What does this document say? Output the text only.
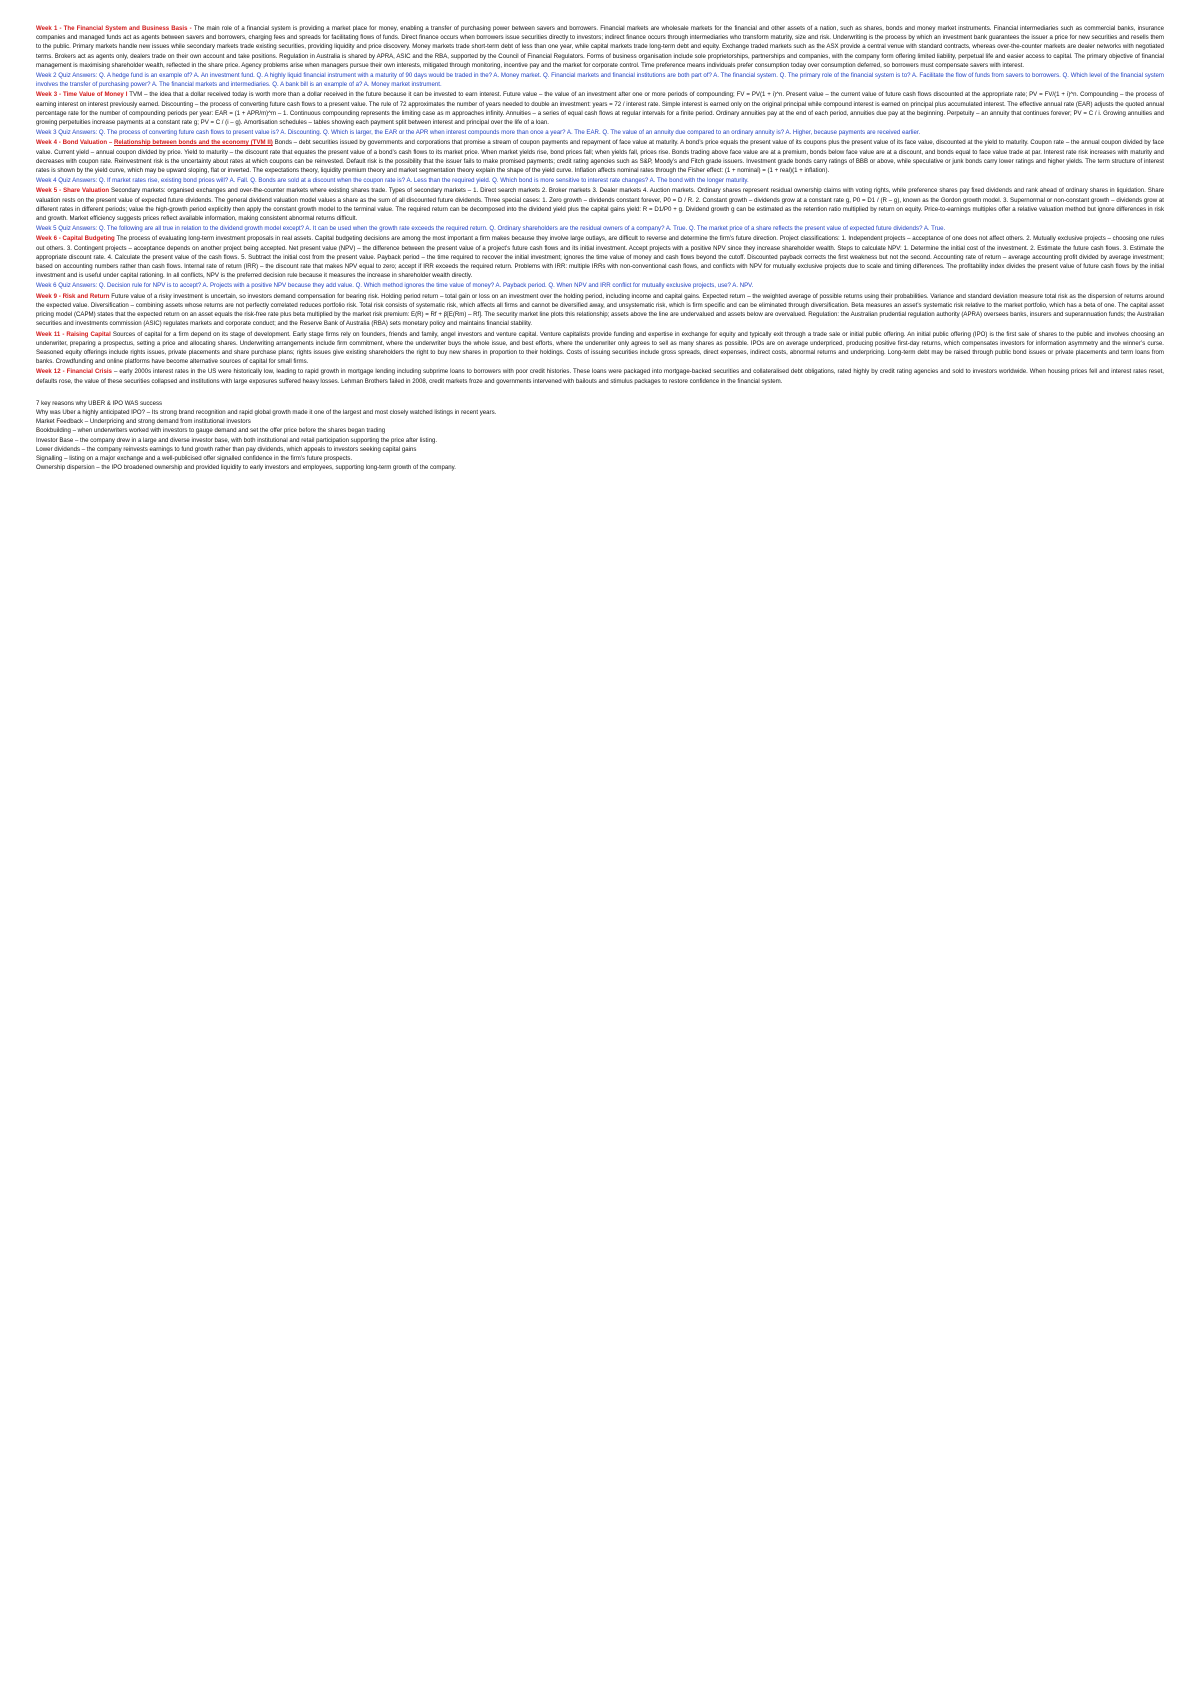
Week 1 - The Financial System and Business Basis - The main role of a financial system is providing a market place for money, enabling a transfer of purchasing power between savers and borrowers. Financial markets are wholesale markets for the financial and other assets of a nation, such as shares, bonds and money market instruments. Financial intermediaries such as commercial banks, insurance companies and managed funds act as agents between savers and borrowers, charging fees and spreads for facilitating flows of funds. Direct finance occurs when borrowers issue securities directly to investors; indirect finance occurs through intermediaries who transform maturity, size and risk. Underwriting is the process by which an investment bank guarantees the issuer a price for new securities and resells them to the public. Primary markets handle new issues while secondary markets trade existing securities, providing liquidity and price discovery. Money markets trade short-term debt of less than one year, while capital markets trade long-term debt and equity. Exchange traded markets such as the ASX provide a central venue with standard contracts, whereas over-the-counter markets are dealer networks with negotiated terms. Brokers act as agents only, dealers trade on their own account and take positions. Regulation in Australia is shared by APRA, ASIC and the RBA, supported by the Council of Financial Regulators. Forms of business organisation include sole proprietorships, partnerships and companies, with the company form offering limited liability, perpetual life and easier access to capital. The primary objective of financial management is maximising shareholder wealth, reflected in the share price. Agency problems arise when managers pursue their own interests, mitigated through monitoring, incentive pay and the market for corporate control. Time preference means individuals prefer consumption today over consumption deferred, so borrowers must compensate savers with interest.

Week 2 Quiz Answers: Q. A hedge fund is an example of? A. An investment fund. Q. A highly liquid financial instrument with a maturity of 90 days would be traded in the? A. Money market. Q. Financial markets and financial institutions are both part of? A. The financial system. Q. The primary role of the financial system is to? A. Facilitate the flow of funds from savers to borrowers. Q. Which level of the financial system involves the transfer of purchasing power? A. The financial markets and intermediaries. Q. A bank bill is an example of a? A. Money market instrument.

Week 3 - Time Value of Money I TVM – the idea that a dollar received today is worth more than a dollar received in the future because it can be invested to earn interest. Future value – the value of an investment after one or more periods of compounding; FV = PV(1 + i)^n. Present value – the current value of future cash flows discounted at the appropriate rate; PV = FV/(1 + i)^n. Compounding – the process of earning interest on interest previously earned. Discounting – the process of converting future cash flows to a present value. The rule of 72 approximates the number of years needed to double an investment: years = 72 / interest rate. Simple interest is earned only on the original principal while compound interest is earned on principal plus accumulated interest. The effective annual rate (EAR) adjusts the quoted annual percentage rate for the number of compounding periods per year: EAR = (1 + APR/m)^m – 1. Continuous compounding represents the limiting case as m approaches infinity. Annuities – a series of equal cash flows at regular intervals for a finite period. Ordinary annuities pay at the end of each period, annuities due pay at the beginning. Perpetuity – an annuity that continues forever; PV = C / i. Growing annuities and growing perpetuities increase payments at a constant rate g; PV = C / (i – g). Amortisation schedules – tables showing each payment split between interest and principal over the life of a loan.

Week 3 Quiz Answers: Q. The process of converting future cash flows to present value is? A. Discounting. Q. Which is larger, the EAR or the APR when interest compounds more than once a year? A. The EAR. Q. The value of an annuity due compared to an ordinary annuity is? A. Higher, because payments are received earlier.

Week 4 - Bond Valuation – Relationship between bonds and the economy (TVM II) Bonds – debt securities issued by governments and corporations that promise a stream of coupon payments and repayment of face value at maturity. A bond’s price equals the present value of its coupons plus the present value of its face value, discounted at the yield to maturity. Coupon rate – the annual coupon divided by face value. Current yield – annual coupon divided by price. Yield to maturity – the discount rate that equates the present value of a bond’s cash flows to its market price. When market yields rise, bond prices fall; when yields fall, prices rise. Bonds trading above face value are at a premium, bonds below face value are at a discount, and bonds equal to face value trade at par. Interest rate risk increases with maturity and decreases with coupon rate. Reinvestment risk is the uncertainty about rates at which coupons can be reinvested. Default risk is the possibility that the issuer fails to make promised payments; credit rating agencies such as S&P, Moody’s and Fitch grade issuers. Investment grade bonds carry ratings of BBB or above, while speculative or junk bonds carry lower ratings and higher yields. The term structure of interest rates is shown by the yield curve, which may be upward sloping, flat or inverted. The expectations theory, liquidity premium theory and market segmentation theory explain the shape of the yield curve. Inflation affects nominal rates through the Fisher effect: (1 + nominal) = (1 + real)(1 + inflation).

Week 4 Quiz Answers: Q. If market rates rise, existing bond prices will? A. Fall. Q. Bonds are sold at a discount when the coupon rate is? A. Less than the required yield. Q. Which bond is more sensitive to interest rate changes? A. The bond with the longer maturity.

Week 5 - Share Valuation Secondary markets: organised exchanges and over-the-counter markets where existing shares trade. Types of secondary markets – 1. Direct search markets 2. Broker markets 3. Dealer markets 4. Auction markets. Ordinary shares represent residual ownership claims with voting rights, while preference shares pay fixed dividends and rank ahead of ordinary shares in liquidation. Share valuation rests on the present value of expected future dividends. The general dividend valuation model values a share as the sum of all discounted future dividends. Three special cases: 1. Zero growth – dividends constant forever, P0 = D / R. 2. Constant growth – dividends grow at a constant rate g, P0 = D1 / (R – g), known as the Gordon growth model. 3. Supernormal or non-constant growth – dividends grow at different rates in different periods; value the high-growth period explicitly then apply the constant growth model to the terminal value. The required return can be decomposed into the dividend yield plus the capital gains yield: R = D1/P0 + g. Dividend growth g can be estimated as the retention ratio multiplied by return on equity. Price-to-earnings multiples offer a relative valuation method but ignore differences in risk and growth. Market efficiency suggests prices reflect available information, making consistent abnormal returns difficult.

Week 5 Quiz Answers: Q. The following are all true in relation to the dividend growth model except? A. It can be used when the growth rate exceeds the required return. Q. Ordinary shareholders are the residual owners of a company? A. True. Q. The market price of a share reflects the present value of expected future dividends? A. True.

Week 6 - Capital Budgeting The process of evaluating long-term investment proposals in real assets. Capital budgeting decisions are among the most important a firm makes because they involve large outlays, are difficult to reverse and determine the firm’s future direction. Project classifications: 1. Independent projects – acceptance of one does not affect others. 2. Mutually exclusive projects – choosing one rules out others. 3. Contingent projects – acceptance depends on another project being accepted. Net present value (NPV) – the difference between the present value of a project’s future cash flows and its initial investment. Accept projects with a positive NPV since they increase shareholder wealth. Steps to calculate NPV: 1. Determine the initial cost of the investment. 2. Estimate the future cash flows. 3. Estimate the appropriate discount rate. 4. Calculate the present value of the cash flows. 5. Subtract the initial cost from the present value. Payback period – the time required to recover the initial investment; ignores the time value of money and cash flows beyond the cutoff. Discounted payback corrects the first weakness but not the second. Accounting rate of return – average accounting profit divided by average investment; based on accounting numbers rather than cash flows. Internal rate of return (IRR) – the discount rate that makes NPV equal to zero; accept if IRR exceeds the required return. Problems with IRR: multiple IRRs with non-conventional cash flows, and conflicts with NPV for mutually exclusive projects due to scale and timing differences. The profitability index divides the present value of future cash flows by the initial investment and is useful under capital rationing. In all conflicts, NPV is the preferred decision rule because it measures the increase in shareholder wealth directly.

Week 6 Quiz Answers: Q. Decision rule for NPV is to accept? A. Projects with a positive NPV because they add value. Q. Which method ignores the time value of money? A. Payback period. Q. When NPV and IRR conflict for mutually exclusive projects, use? A. NPV.

Week 9 - Risk and Return Future value of a risky investment is uncertain, so investors demand compensation for bearing risk. Holding period return – total gain or loss on an investment over the holding period, including income and capital gains. Expected return – the weighted average of possible returns using their probabilities. Variance and standard deviation measure total risk as the dispersion of returns around the expected value. Diversification – combining assets whose returns are not perfectly correlated reduces portfolio risk. Total risk consists of systematic risk, which affects all firms and cannot be diversified away, and unsystematic risk, which is firm specific and can be eliminated through diversification. Beta measures an asset’s systematic risk relative to the market portfolio, which has a beta of one. The capital asset pricing model (CAPM) states that the expected return on an asset equals the risk-free rate plus beta multiplied by the market risk premium: E(R) = Rf + β[E(Rm) – Rf]. The security market line plots this relationship; assets above the line are undervalued and assets below are overvalued. Regulation: the Australian prudential regulation authority (APRA) oversees banks, insurers and superannuation funds; the Australian securities and investments commission (ASIC) regulates markets and corporate conduct; and the Reserve Bank of Australia (RBA) sets monetary policy and maintains financial stability.

Week 11 - Raising Capital Sources of capital for a firm depend on its stage of development. Early stage firms rely on founders, friends and family, angel investors and venture capital. Venture capitalists provide funding and expertise in exchange for equity and typically exit through a trade sale or initial public offering. An initial public offering (IPO) is the first sale of shares to the public and involves choosing an underwriter, preparing a prospectus, setting a price and allocating shares. Underwriting arrangements include firm commitment, where the underwriter buys the whole issue, and best efforts, where the underwriter only agrees to sell as many shares as possible. IPOs are on average underpriced, producing positive first-day returns, which compensates investors for information asymmetry and the winner’s curse. Seasoned equity offerings include rights issues, private placements and share purchase plans; rights issues give existing shareholders the right to buy new shares in proportion to their holdings. Costs of issuing securities include gross spreads, direct expenses, indirect costs, abnormal returns and underpricing. Long-term debt may be raised through public bond issues or private placements and term loans from banks. Crowdfunding and online platforms have become alternative sources of capital for small firms.

Week 12 - Financial Crisis – early 2000s interest rates in the US were historically low, leading to rapid growth in mortgage lending including subprime loans to borrowers with poor credit histories. These loans were packaged into mortgage-backed securities and collateralised debt obligations, rated highly by credit rating agencies and sold to investors worldwide. When housing prices fell and interest rates reset, defaults rose, the value of these securities collapsed and institutions with large exposures suffered heavy losses. Lehman Brothers failed in 2008, credit markets froze and governments intervened with bailouts and stimulus packages to restore confidence in the financial system.

7 key reasons why UBER & IPO WAS success

Why was Uber a highly anticipated IPO? – Its strong brand recognition and rapid global growth made it one of the largest and most closely watched listings in recent years.

Market Feedback – Underpricing and strong demand from institutional investors

Bookbuilding – when underwriters worked with investors to gauge demand and set the offer price before the shares began trading

Investor Base – the company drew in a large and diverse investor base, with both institutional and retail participation supporting the price after listing.

Lower dividends – the company reinvests earnings to fund growth rather than pay dividends, which appeals to investors seeking capital gains

Signalling – listing on a major exchange and a well-publicised offer signalled confidence in the firm’s future prospects.

Ownership dispersion – the IPO broadened ownership and provided liquidity to early investors and employees, supporting long-term growth of the company.
